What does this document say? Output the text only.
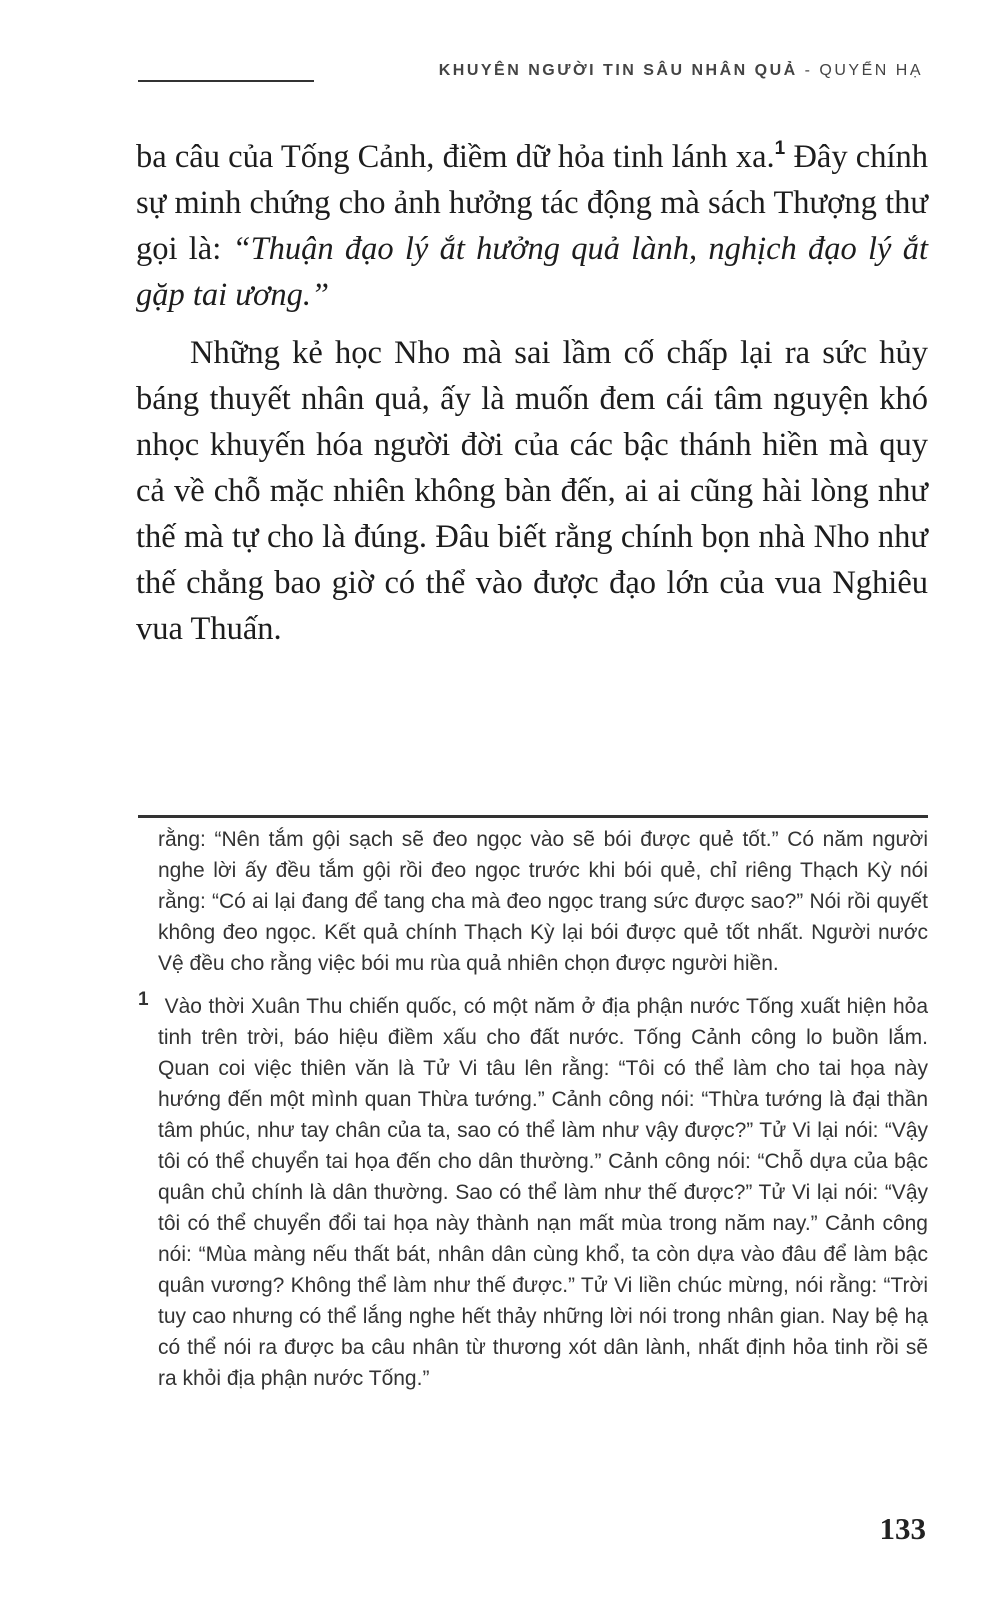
KHUYÊN NGƯỜI TIN SÂU NHÂN QUẢ - QUYỂN HẠ

ba câu của Tống Cảnh, điềm dữ hỏa tinh lánh xa.$^1$ Đây chính sự minh chứng cho ảnh hưởng tác động mà sách Thượng thư gọi là: “Thuận đạo lý ắt hưởng quả lành, nghịch đạo lý ắt gặp tai ương.”

Những kẻ học Nho mà sai lầm cố chấp lại ra sức hủy báng thuyết nhân quả, ấy là muốn đem cái tâm nguyện khó nhọc khuyến hóa người đời của các bậc thánh hiền mà quy cả về chỗ mặc nhiên không bàn đến, ai ai cũng hài lòng như thế mà tự cho là đúng. Đâu biết rằng chính bọn nhà Nho như thế chẳng bao giờ có thể vào được đạo lớn của vua Nghiêu vua Thuấn.

rằng: “Nên tắm gội sạch sẽ đeo ngọc vào sẽ bói được quẻ tốt.” Có năm người nghe lời ấy đều tắm gội rồi đeo ngọc trước khi bói quẻ, chỉ riêng Thạch Kỳ nói rằng: “Có ai lại đang để tang cha mà đeo ngọc trang sức được sao?” Nói rồi quyết không đeo ngọc. Kết quả chính Thạch Kỳ lại bói được quẻ tốt nhất. Người nước Vệ đều cho rằng việc bói mu rùa quả nhiên chọn được người hiền.

1 Vào thời Xuân Thu chiến quốc, có một năm ở địa phận nước Tống xuất hiện hỏa tinh trên trời, báo hiệu điềm xấu cho đất nước. Tống Cảnh công lo buồn lắm. Quan coi việc thiên văn là Tử Vi tâu lên rằng: “Tôi có thể làm cho tai họa này hướng đến một mình quan Thừa tướng.” Cảnh công nói: “Thừa tướng là đại thần tâm phúc, như tay chân của ta, sao có thể làm như vậy được?” Tử Vi lại nói: “Vậy tôi có thể chuyển tai họa đến cho dân thường.” Cảnh công nói: “Chỗ dựa của bậc quân chủ chính là dân thường. Sao có thể làm như thế được?” Tử Vi lại nói: “Vậy tôi có thể chuyển đổi tai họa này thành nạn mất mùa trong năm nay.” Cảnh công nói: “Mùa màng nếu thất bát, nhân dân cùng khổ, ta còn dựa vào đâu để làm bậc quân vương? Không thể làm như thế được.” Tử Vi liền chúc mừng, nói rằng: “Trời tuy cao nhưng có thể lắng nghe hết thảy những lời nói trong nhân gian. Nay bệ hạ có thể nói ra được ba câu nhân từ thương xót dân lành, nhất định hỏa tinh rồi sẽ ra khỏi địa phận nước Tống.”

133
